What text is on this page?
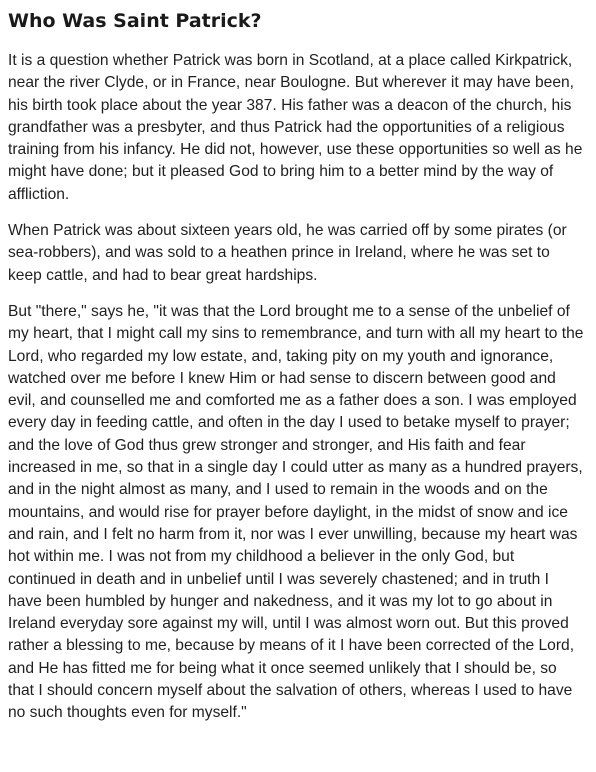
Who Was Saint Patrick?

It is a question whether Patrick was born in Scotland, at a place called Kirkpatrick, near the river Clyde, or in France, near Boulogne. But wherever it may have been, his birth took place about the year 387. His father was a deacon of the church, his grandfather was a presbyter, and thus Patrick had the opportunities of a religious training from his infancy. He did not, however, use these opportunities so well as he might have done; but it pleased God to bring him to a better mind by the way of affliction.

When Patrick was about sixteen years old, he was carried off by some pirates (or sea-robbers), and was sold to a heathen prince in Ireland, where he was set to keep cattle, and had to bear great hardships.

But "there," says he, "it was that the Lord brought me to a sense of the unbelief of my heart, that I might call my sins to remembrance, and turn with all my heart to the Lord, who regarded my low estate, and, taking pity on my youth and ignorance, watched over me before I knew Him or had sense to discern between good and evil, and counselled me and comforted me as a father does a son. I was employed every day in feeding cattle, and often in the day I used to betake myself to prayer; and the love of God thus grew stronger and stronger, and His faith and fear increased in me, so that in a single day I could utter as many as a hundred prayers, and in the night almost as many, and I used to remain in the woods and on the mountains, and would rise for prayer before daylight, in the midst of snow and ice and rain, and I felt no harm from it, nor was I ever unwilling, because my heart was hot within me. I was not from my childhood a believer in the only God, but continued in death and in unbelief until I was severely chastened; and in truth I have been humbled by hunger and nakedness, and it was my lot to go about in Ireland everyday sore against my will, until I was almost worn out. But this proved rather a blessing to me, because by means of it I have been corrected of the Lord, and He has fitted me for being what it once seemed unlikely that I should be, so that I should concern myself about the salvation of others, whereas I used to have no such thoughts even for myself."
